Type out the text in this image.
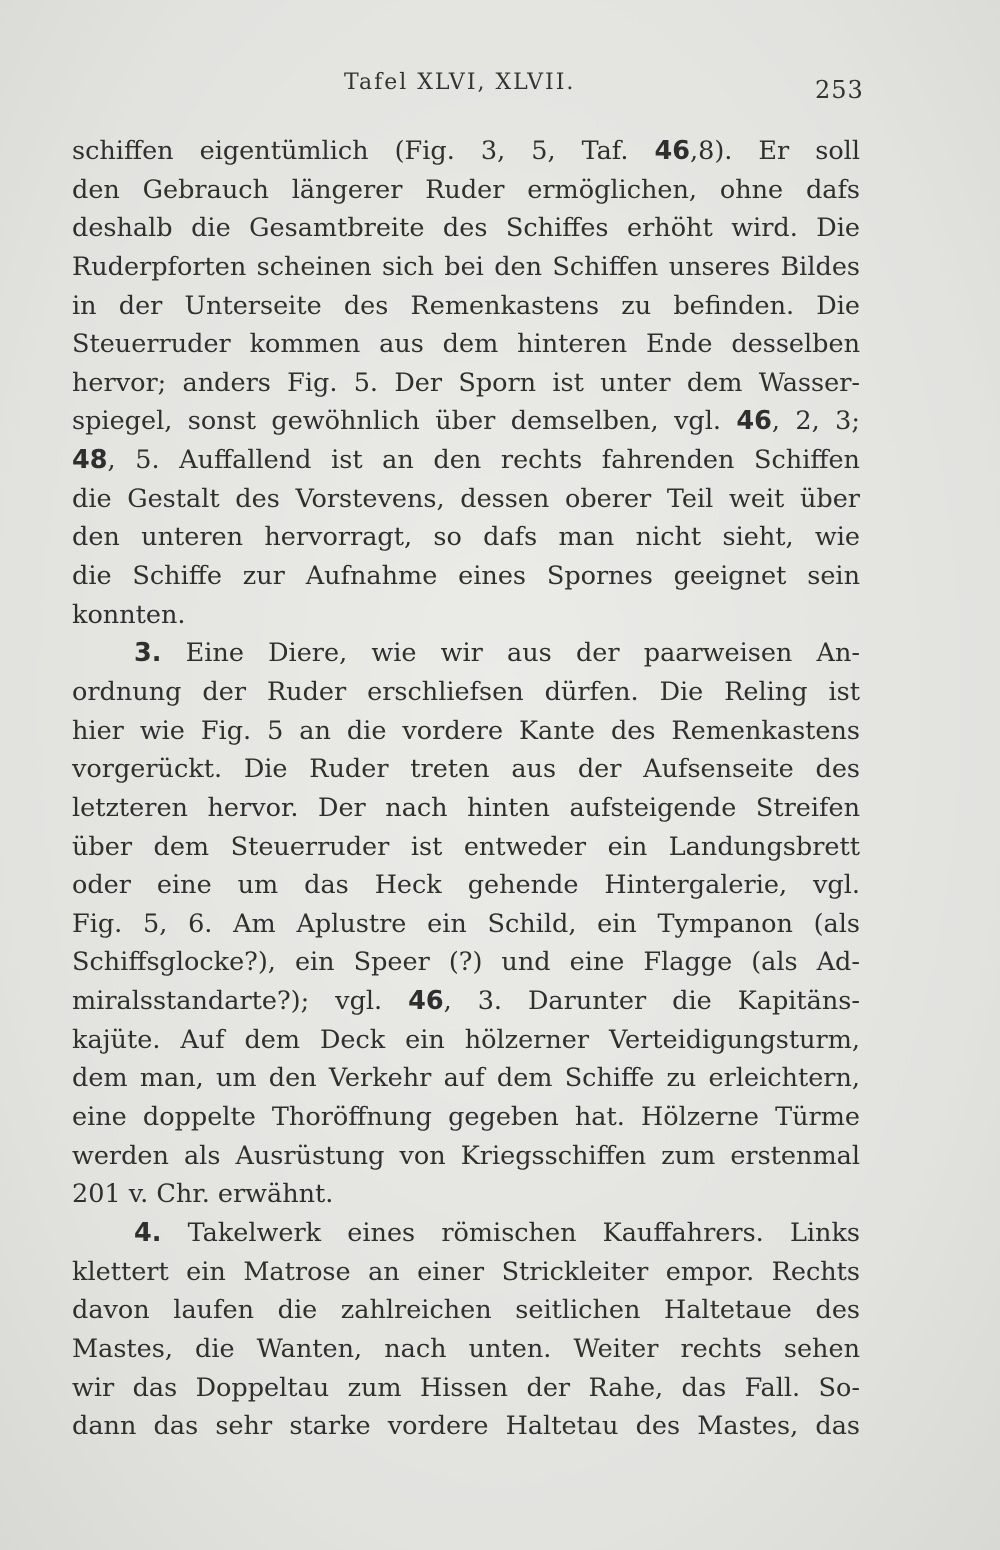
Tafel XLVI, XLVII.	253
schiffen eigentümlich (Fig. 3, 5, Taf. 46,8). Er soll
den Gebrauch längerer Ruder ermöglichen, ohne dafs
deshalb die Gesamtbreite des Schiffes erhöht wird. Die
Ruderpforten scheinen sich bei den Schiffen unseres Bildes
in der Unterseite des Remenkastens zu befinden. Die
Steuerruder kommen aus dem hinteren Ende desselben
hervor; anders Fig. 5. Der Sporn ist unter dem Wasser-
spiegel, sonst gewöhnlich über demselben, vgl. 46, 2, 3;
48, 5. Auffallend ist an den rechts fahrenden Schiffen
die Gestalt des Vorstevens, dessen oberer Teil weit über
den unteren hervorragt, so dafs man nicht sieht, wie
die Schiffe zur Aufnahme eines Spornes geeignet sein
konnten.
3. Eine Diere, wie wir aus der paarweisen An-
ordnung der Ruder erschliefsen dürfen. Die Reling ist
hier wie Fig. 5 an die vordere Kante des Remenkastens
vorgerückt. Die Ruder treten aus der Aufsenseite des
letzteren hervor. Der nach hinten aufsteigende Streifen
über dem Steuerruder ist entweder ein Landungsbrett
oder eine um das Heck gehende Hintergalerie, vgl.
Fig. 5, 6. Am Aplustre ein Schild, ein Tympanon (als
Schiffsglocke?), ein Speer (?) und eine Flagge (als Ad-
miralsstandarte?); vgl. 46, 3. Darunter die Kapitäns-
kajüte. Auf dem Deck ein hölzerner Verteidigungsturm,
dem man, um den Verkehr auf dem Schiffe zu erleichtern,
eine doppelte Thoröffnung gegeben hat. Hölzerne Türme
werden als Ausrüstung von Kriegsschiffen zum erstenmal
201 v. Chr. erwähnt.
4. Takelwerk eines römischen Kauffahrers. Links
klettert ein Matrose an einer Strickleiter empor. Rechts
davon laufen die zahlreichen seitlichen Haltetaue des
Mastes, die Wanten, nach unten. Weiter rechts sehen
wir das Doppeltau zum Hissen der Rahe, das Fall. So-
dann das sehr starke vordere Haltetau des Mastes, das
